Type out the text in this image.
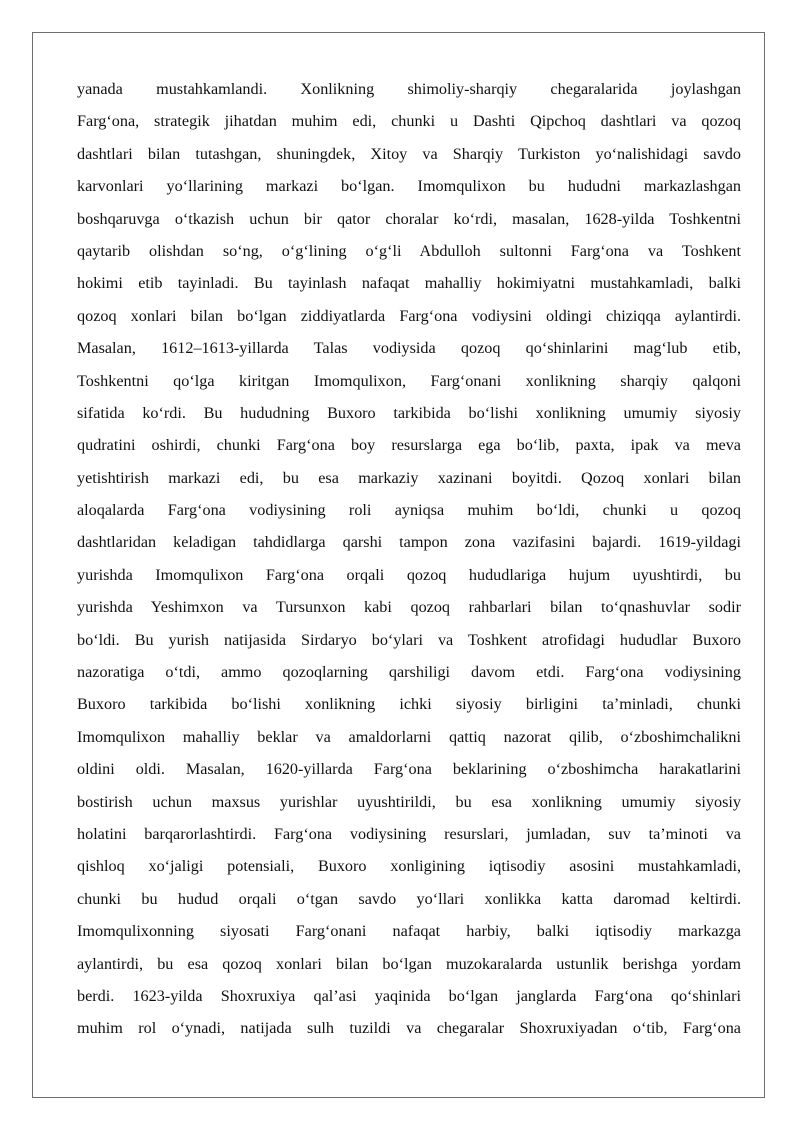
yanada mustahkamlandi. Xonlikning shimoliy-sharqiy chegaralarida joylashgan
Farg‘ona, strategik jihatdan muhim edi, chunki u Dashti Qipchoq dashtlari va qozoq
dashtlari bilan tutashgan, shuningdek, Xitoy va Sharqiy Turkiston yo‘nalishidagi savdo
karvonlari yo‘llarining markazi bo‘lgan. Imomqulixon bu hududni markazlashgan
boshqaruvga o‘tkazish uchun bir qator choralar ko‘rdi, masalan, 1628-yilda Toshkentni
qaytarib olishdan so‘ng, o‘g‘lining o‘g‘li Abdulloh sultonni Farg‘ona va Toshkent
hokimi etib tayinladi. Bu tayinlash nafaqat mahalliy hokimiyatni mustahkamladi, balki
qozoq xonlari bilan bo‘lgan ziddiyatlarda Farg‘ona vodiysini oldingi chiziqqa aylantirdi.
Masalan, 1612–1613-yillarda Talas vodiysida qozoq qo‘shinlarini mag‘lub etib,
Toshkentni qo‘lga kiritgan Imomqulixon, Farg‘onani xonlikning sharqiy qalqoni
sifatida ko‘rdi. Bu hududning Buxoro tarkibida bo‘lishi xonlikning umumiy siyosiy
qudratini oshirdi, chunki Farg‘ona boy resurslarga ega bo‘lib, paxta, ipak va meva
yetishtirish markazi edi, bu esa markaziy xazinani boyitdi. Qozoq xonlari bilan
aloqalarda Farg‘ona vodiysining roli ayniqsa muhim bo‘ldi, chunki u qozoq
dashtlaridan keladigan tahdidlarga qarshi tampon zona vazifasini bajardi. 1619-yildagi
yurishda Imomqulixon Farg‘ona orqali qozoq hududlariga hujum uyushtirdi, bu
yurishda Yeshimxon va Tursunxon kabi qozoq rahbarlari bilan to‘qnashuvlar sodir
bo‘ldi. Bu yurish natijasida Sirdaryo bo‘ylari va Toshkent atrofidagi hududlar Buxoro
nazoratiga o‘tdi, ammo qozoqlarning qarshiligi davom etdi. Farg‘ona vodiysining
Buxoro tarkibida bo‘lishi xonlikning ichki siyosiy birligini ta’minladi, chunki
Imomqulixon mahalliy beklar va amaldorlarni qattiq nazorat qilib, o‘zboshimchalikni
oldini oldi. Masalan, 1620-yillarda Farg‘ona beklarining o‘zboshimcha harakatlarini
bostirish uchun maxsus yurishlar uyushtirildi, bu esa xonlikning umumiy siyosiy
holatini barqarorlashtirdi. Farg‘ona vodiysining resurslari, jumladan, suv ta’minoti va
qishloq xo‘jaligi potensiali, Buxoro xonligining iqtisodiy asosini mustahkamladi,
chunki bu hudud orqali o‘tgan savdo yo‘llari xonlikka katta daromad keltirdi.
Imomqulixonning siyosati Farg‘onani nafaqat harbiy, balki iqtisodiy markazga
aylantirdi, bu esa qozoq xonlari bilan bo‘lgan muzokaralarda ustunlik berishga yordam
berdi. 1623-yilda Shoxruxiya qal’asi yaqinida bo‘lgan janglarda Farg‘ona qo‘shinlari
muhim rol o‘ynadi, natijada sulh tuzildi va chegaralar Shoxruxiyadan o‘tib, Farg‘ona
